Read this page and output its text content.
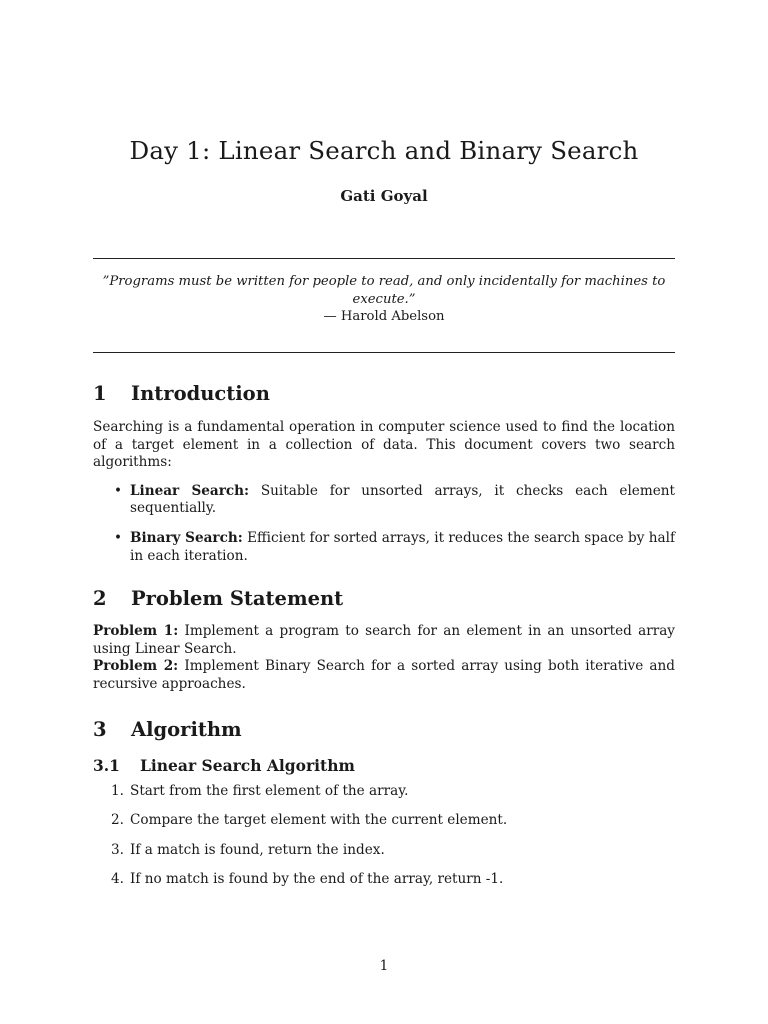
Day 1: Linear Search and Binary Search
Gati Goyal
”Programs must be written for people to read, and only incidentally for machines to execute.”
— Harold Abelson
1 Introduction

Searching is a fundamental operation in computer science used to find the location of a target element in a collection of data. This document covers two search algorithms:

• Linear Search: Suitable for unsorted arrays, it checks each element sequentially.
• Binary Search: Efficient for sorted arrays, it reduces the search space by half in each iteration.
2 Problem Statement

Problem 1: Implement a program to search for an element in an unsorted array using Linear Search.

Problem 2: Implement Binary Search for a sorted array using both iterative and recursive approaches.

3 Algorithm
3.1 Linear Search Algorithm
1. Start from the first element of the array.
2. Compare the target element with the current element.
3. If a match is found, return the index.
4. If no match is found by the end of the array, return -1.
1
